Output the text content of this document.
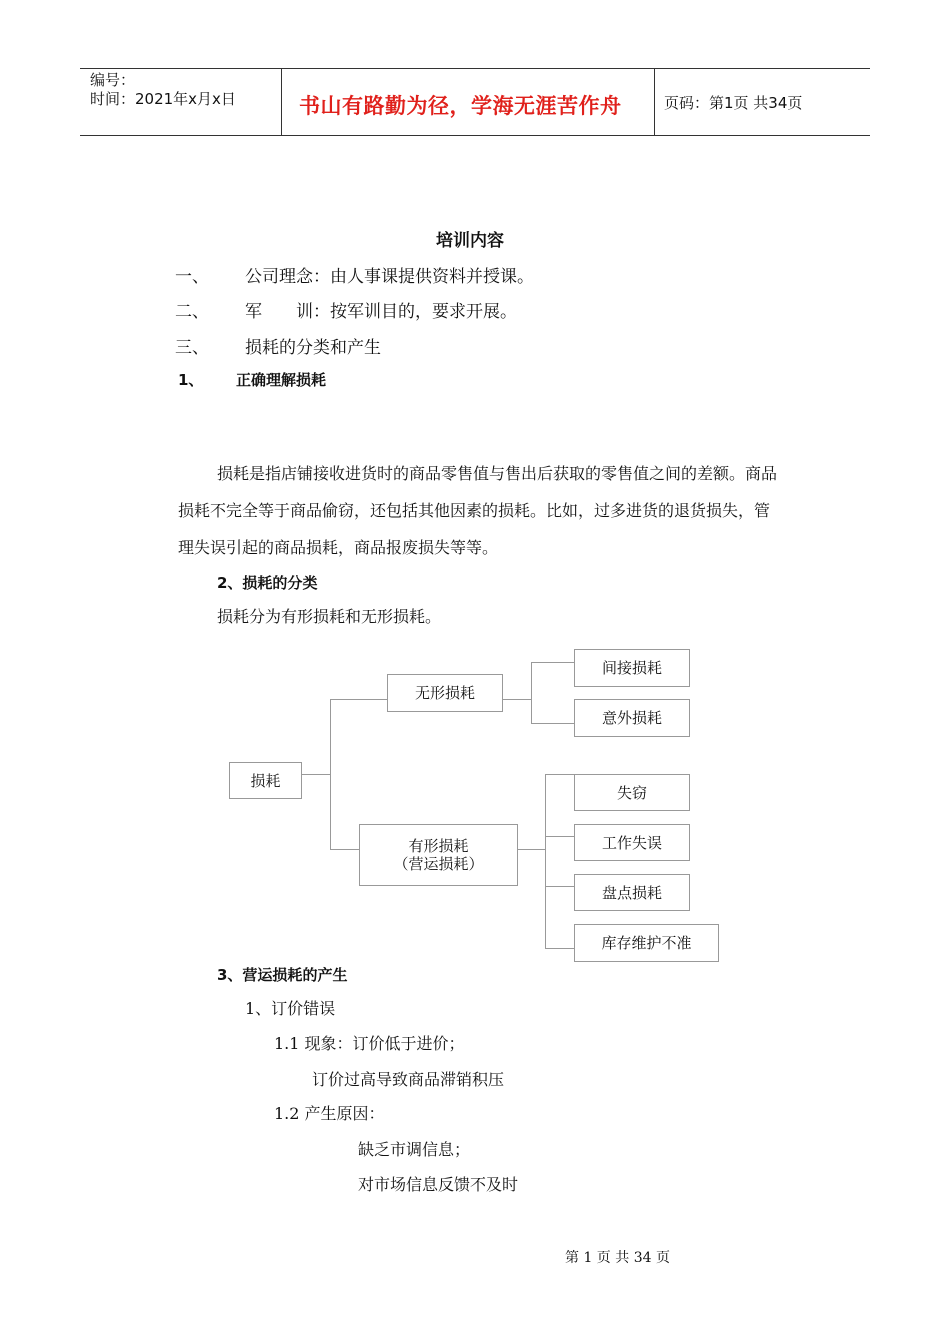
编号：
时间：2021年x月x日	书山有路勤为径，学海无涯苦作舟	页码：第1页 共34页
培训内容
一、 公司理念：由人事课提供资料并授课。
二、 军　　训：按军训目的，要求开展。
三、 损耗的分类和产生
1、 正确理解损耗
损耗是指店铺接收进货时的商品零售值与售出后获取的零售值之间的差额。商品
损耗不完全等于商品偷窃，还包括其他因素的损耗。比如，过多进货的退货损失，管
理失误引起的商品损耗，商品报废损失等等。
2、损耗的分类
损耗分为有形损耗和无形损耗。
损耗
无形损耗
有形损耗
（营运损耗）
间接损耗
意外损耗
失窃
工作失误
盘点损耗
库存维护不准
3、营运损耗的产生
1、订价错误
1.1 现象：订价低于进价；
订价过高导致商品滞销积压
1.2 产生原因：
缺乏市调信息；
对市场信息反馈不及时
第 1 页 共 34 页
